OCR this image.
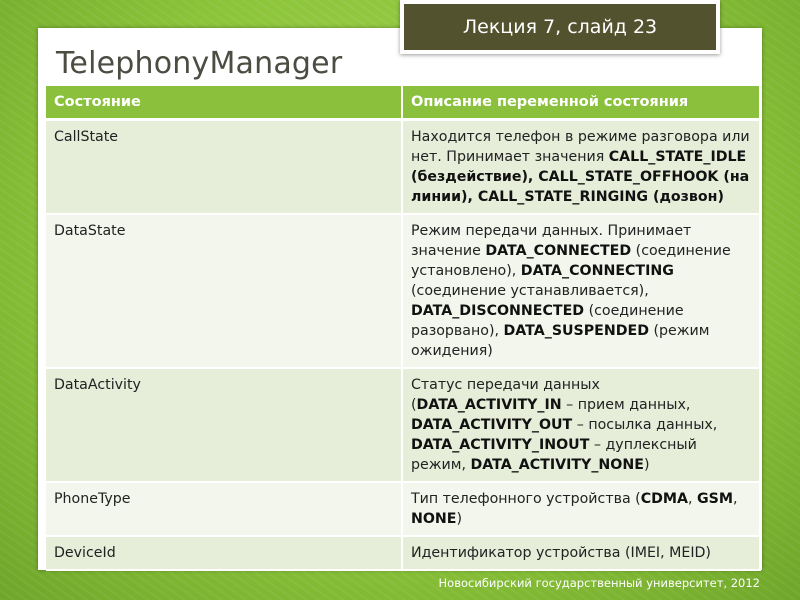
Лекция 7, слайд 23
TelephonyManager
Состояние	Описание переменной состояния
CallState	Находится телефон в режиме разговора или нет. Принимает значения CALL_STATE_IDLE (бездействие), CALL_STATE_OFFHOOK (на линии), CALL_STATE_RINGING (дозвон)
DataState	Режим передачи данных. Принимает значение DATA_CONNECTED (соединение установлено), DATA_CONNECTING (соединение устанавливается), DATA_DISCONNECTED (соединение разорвано), DATA_SUSPENDED (режим ожидения)
DataActivity	Статус передачи данных (DATA_ACTIVITY_IN – прием данных, DATA_ACTIVITY_OUT – посылка данных, DATA_ACTIVITY_INOUT – дуплексный режим, DATA_ACTIVITY_NONE)
PhoneType	Тип телефонного устройства (CDMA, GSM, NONE)
DeviceId	Идентификатор устройства (IMEI, MEID)
Новосибирский государственный университет, 2012
